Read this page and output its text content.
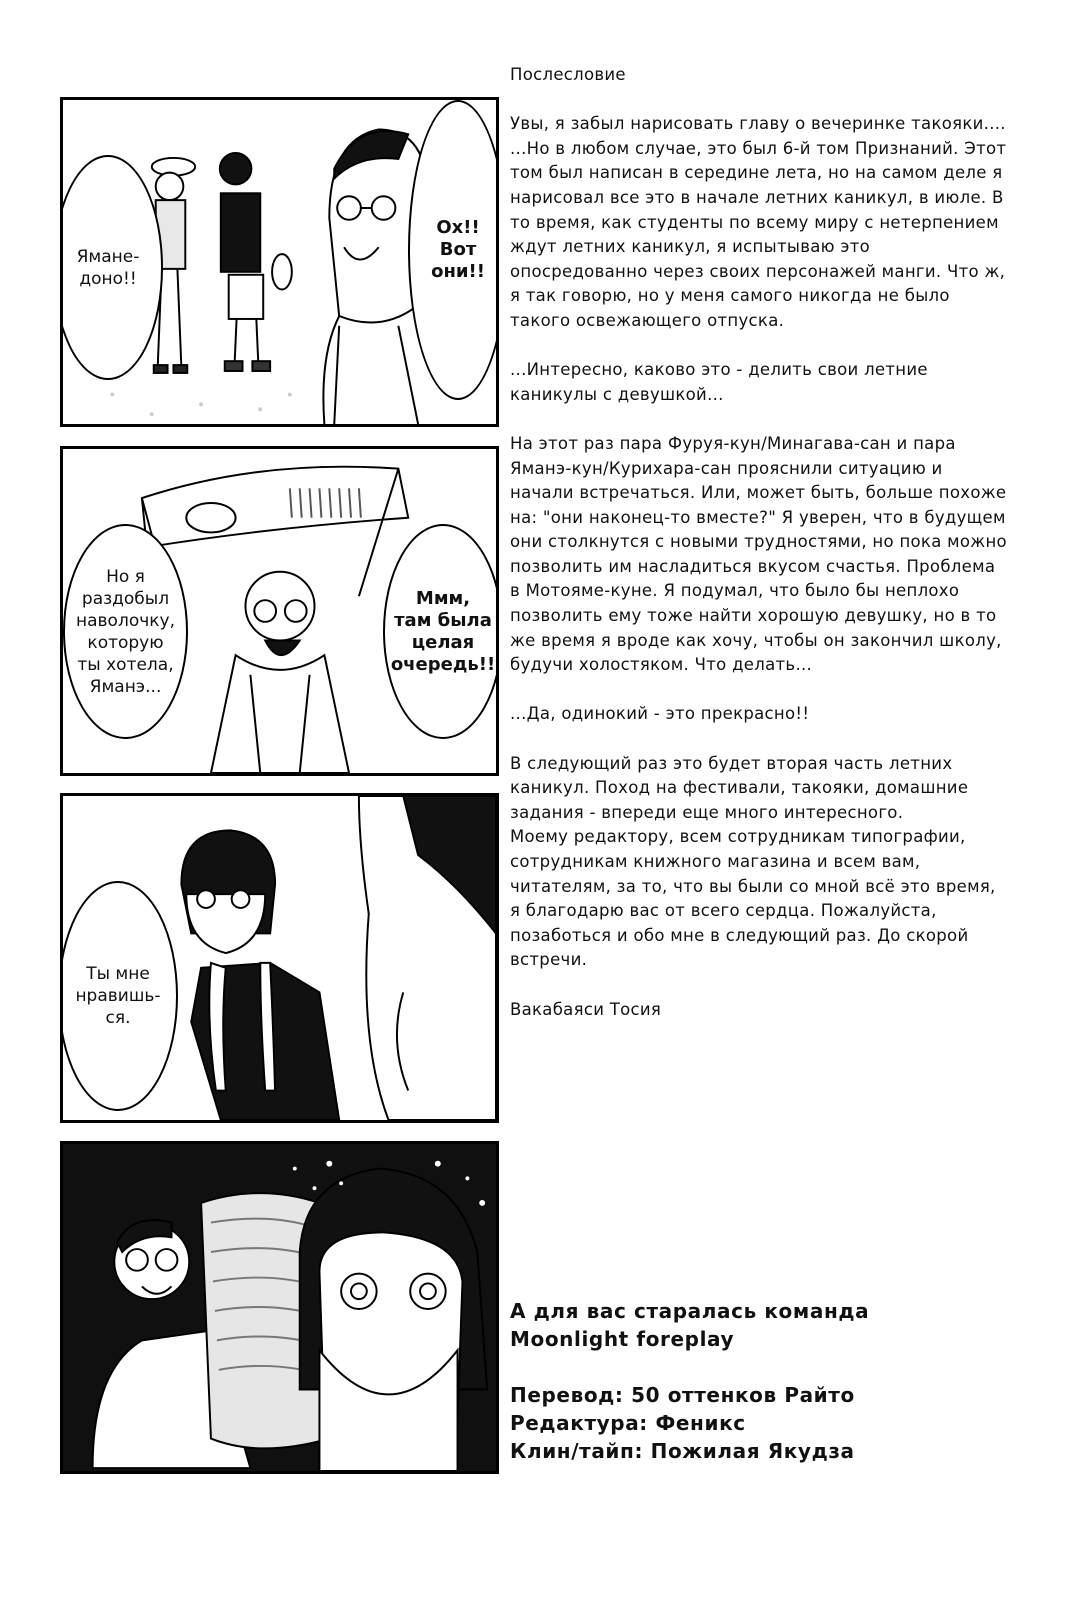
Ямане-
доно!!
Ох!!
Вот
они!!
Но я
раздобыл
наволочку,
которую
ты хотела,
Яманэ...
Ммм,
там была
целая
очередь!!
Ты мне
нравишь-
ся.

Послесловие

Увы, я забыл нарисовать главу о вечеринке такояки....

...Но в любом случае, это был 6-й том Признаний. Этот том был написан в середине лета, но на самом деле я нарисовал все это в начале летних каникул, в июле. В то время, как студенты по всему миру с нетерпением ждут летних каникул, я испытываю это опосредованно через своих персонажей манги. Что ж, я так говорю, но у меня самого никогда не было такого освежающего отпуска.

...Интересно, каково это - делить свои летние каникулы с девушкой...

На этот раз пара Фуруя-кун/Минагава-сан и пара Яманэ-кун/Курихара-сан прояснили ситуацию и начали встречаться. Или, может быть, больше похоже на: "они наконец-то вместе?" Я уверен, что в будущем они столкнутся с новыми трудностями, но пока можно позволить им насладиться вкусом счастья. Проблема в Мотояме-куне. Я подумал, что было бы неплохо позволить ему тоже найти хорошую девушку, но в то же время я вроде как хочу, чтобы он закончил школу, будучи холостяком. Что делать...

...Да, одинокий - это прекрасно!!

В следующий раз это будет вторая часть летних каникул. Поход на фестивали, такояки, домашние задания - впереди еще много интересного.

Моему редактору, всем сотрудникам типографии, сотрудникам книжного магазина и всем вам, читателям, за то, что вы были со мной всё это время, я благодарю вас от всего сердца. Пожалуйста, позаботься и обо мне в следующий раз. До скорой встречи.

Вакабаяси Тосия

А для вас старалась команда

Moonlight foreplay

Перевод: 50 оттенков Райто

Редактура: Феникс

Клин/тайп: Пожилая Якудза
